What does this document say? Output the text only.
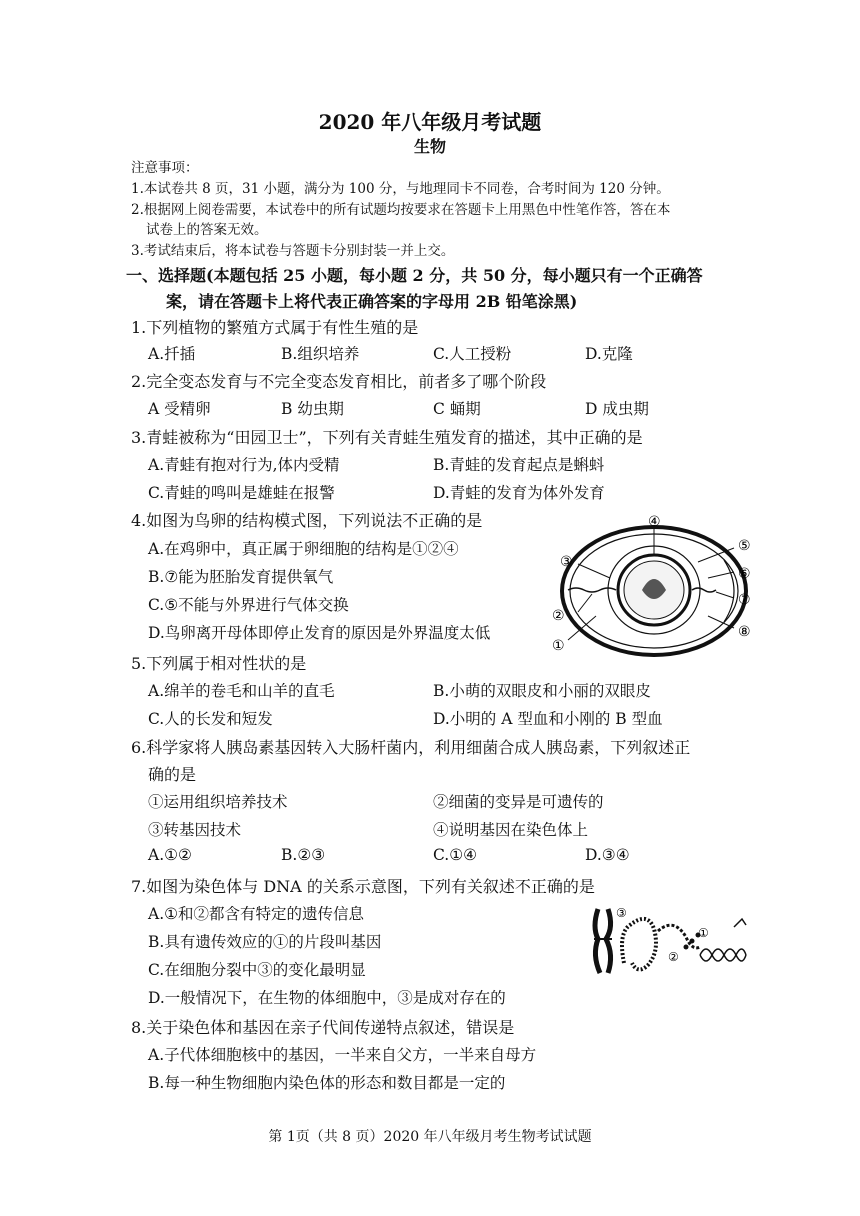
2020 年八年级月考试题
生物
注意事项：
1.本试卷共 8 页，31 小题，满分为 100 分，与地理同卡不同卷，合考时间为 120 分钟。
2.根据网上阅卷需要，本试卷中的所有试题均按要求在答题卡上用黑色中性笔作答，答在本
试卷上的答案无效。
3.考试结束后，将本试卷与答题卡分别封装一并上交。
一、选择题(本题包括 25 小题，每小题 2 分，共 50 分，每小题只有一个正确答
案，请在答题卡上将代表正确答案的字母用 2B 铅笔涂黑)
1.下列植物的繁殖方式属于有性生殖的是
A.扦插	B.组织培养	C.人工授粉	D.克隆
2.完全变态发育与不完全变态发育相比，前者多了哪个阶段
A 受精卵	B 幼虫期	C 蛹期	D 成虫期
3.青蛙被称为“田园卫士”，下列有关青蛙生殖发育的描述，其中正确的是
A.青蛙有抱对行为,体内受精	B.青蛙的发育起点是蝌蚪
C.青蛙的鸣叫是雄蛙在报警	D.青蛙的发育为体外发育
4.如图为鸟卵的结构模式图，下列说法不正确的是
A.在鸡卵中，真正属于卵细胞的结构是①②④
B.⑦能为胚胎发育提供氧气
C.⑤不能与外界进行气体交换
D.鸟卵离开母体即停止发育的原因是外界温度太低
④
③
⑤
⑥
⑦
②
⑧
①
5.下列属于相对性状的是
A.绵羊的卷毛和山羊的直毛	B.小萌的双眼皮和小丽的双眼皮
C.人的长发和短发	D.小明的 A 型血和小刚的 B 型血
6.科学家将人胰岛素基因转入大肠杆菌内，利用细菌合成人胰岛素，下列叙述正
确的是
①运用组织培养技术	②细菌的变异是可遗传的
③转基因技术	④说明基因在染色体上
A.①②	B.②③	C.①④	D.③④
7.如图为染色体与 DNA 的关系示意图，下列有关叙述不正确的是
A.①和②都含有特定的遗传信息
B.具有遗传效应的①的片段叫基因
C.在细胞分裂中③的变化最明显
D.一般情况下，在生物的体细胞中，③是成对存在的
③
①
②
8.关于染色体和基因在亲子代间传递特点叙述，错误是
A.子代体细胞核中的基因，一半来自父方，一半来自母方
B.每一种生物细胞内染色体的形态和数目都是一定的
第 1页（共 8 页）2020 年八年级月考生物考试试题
